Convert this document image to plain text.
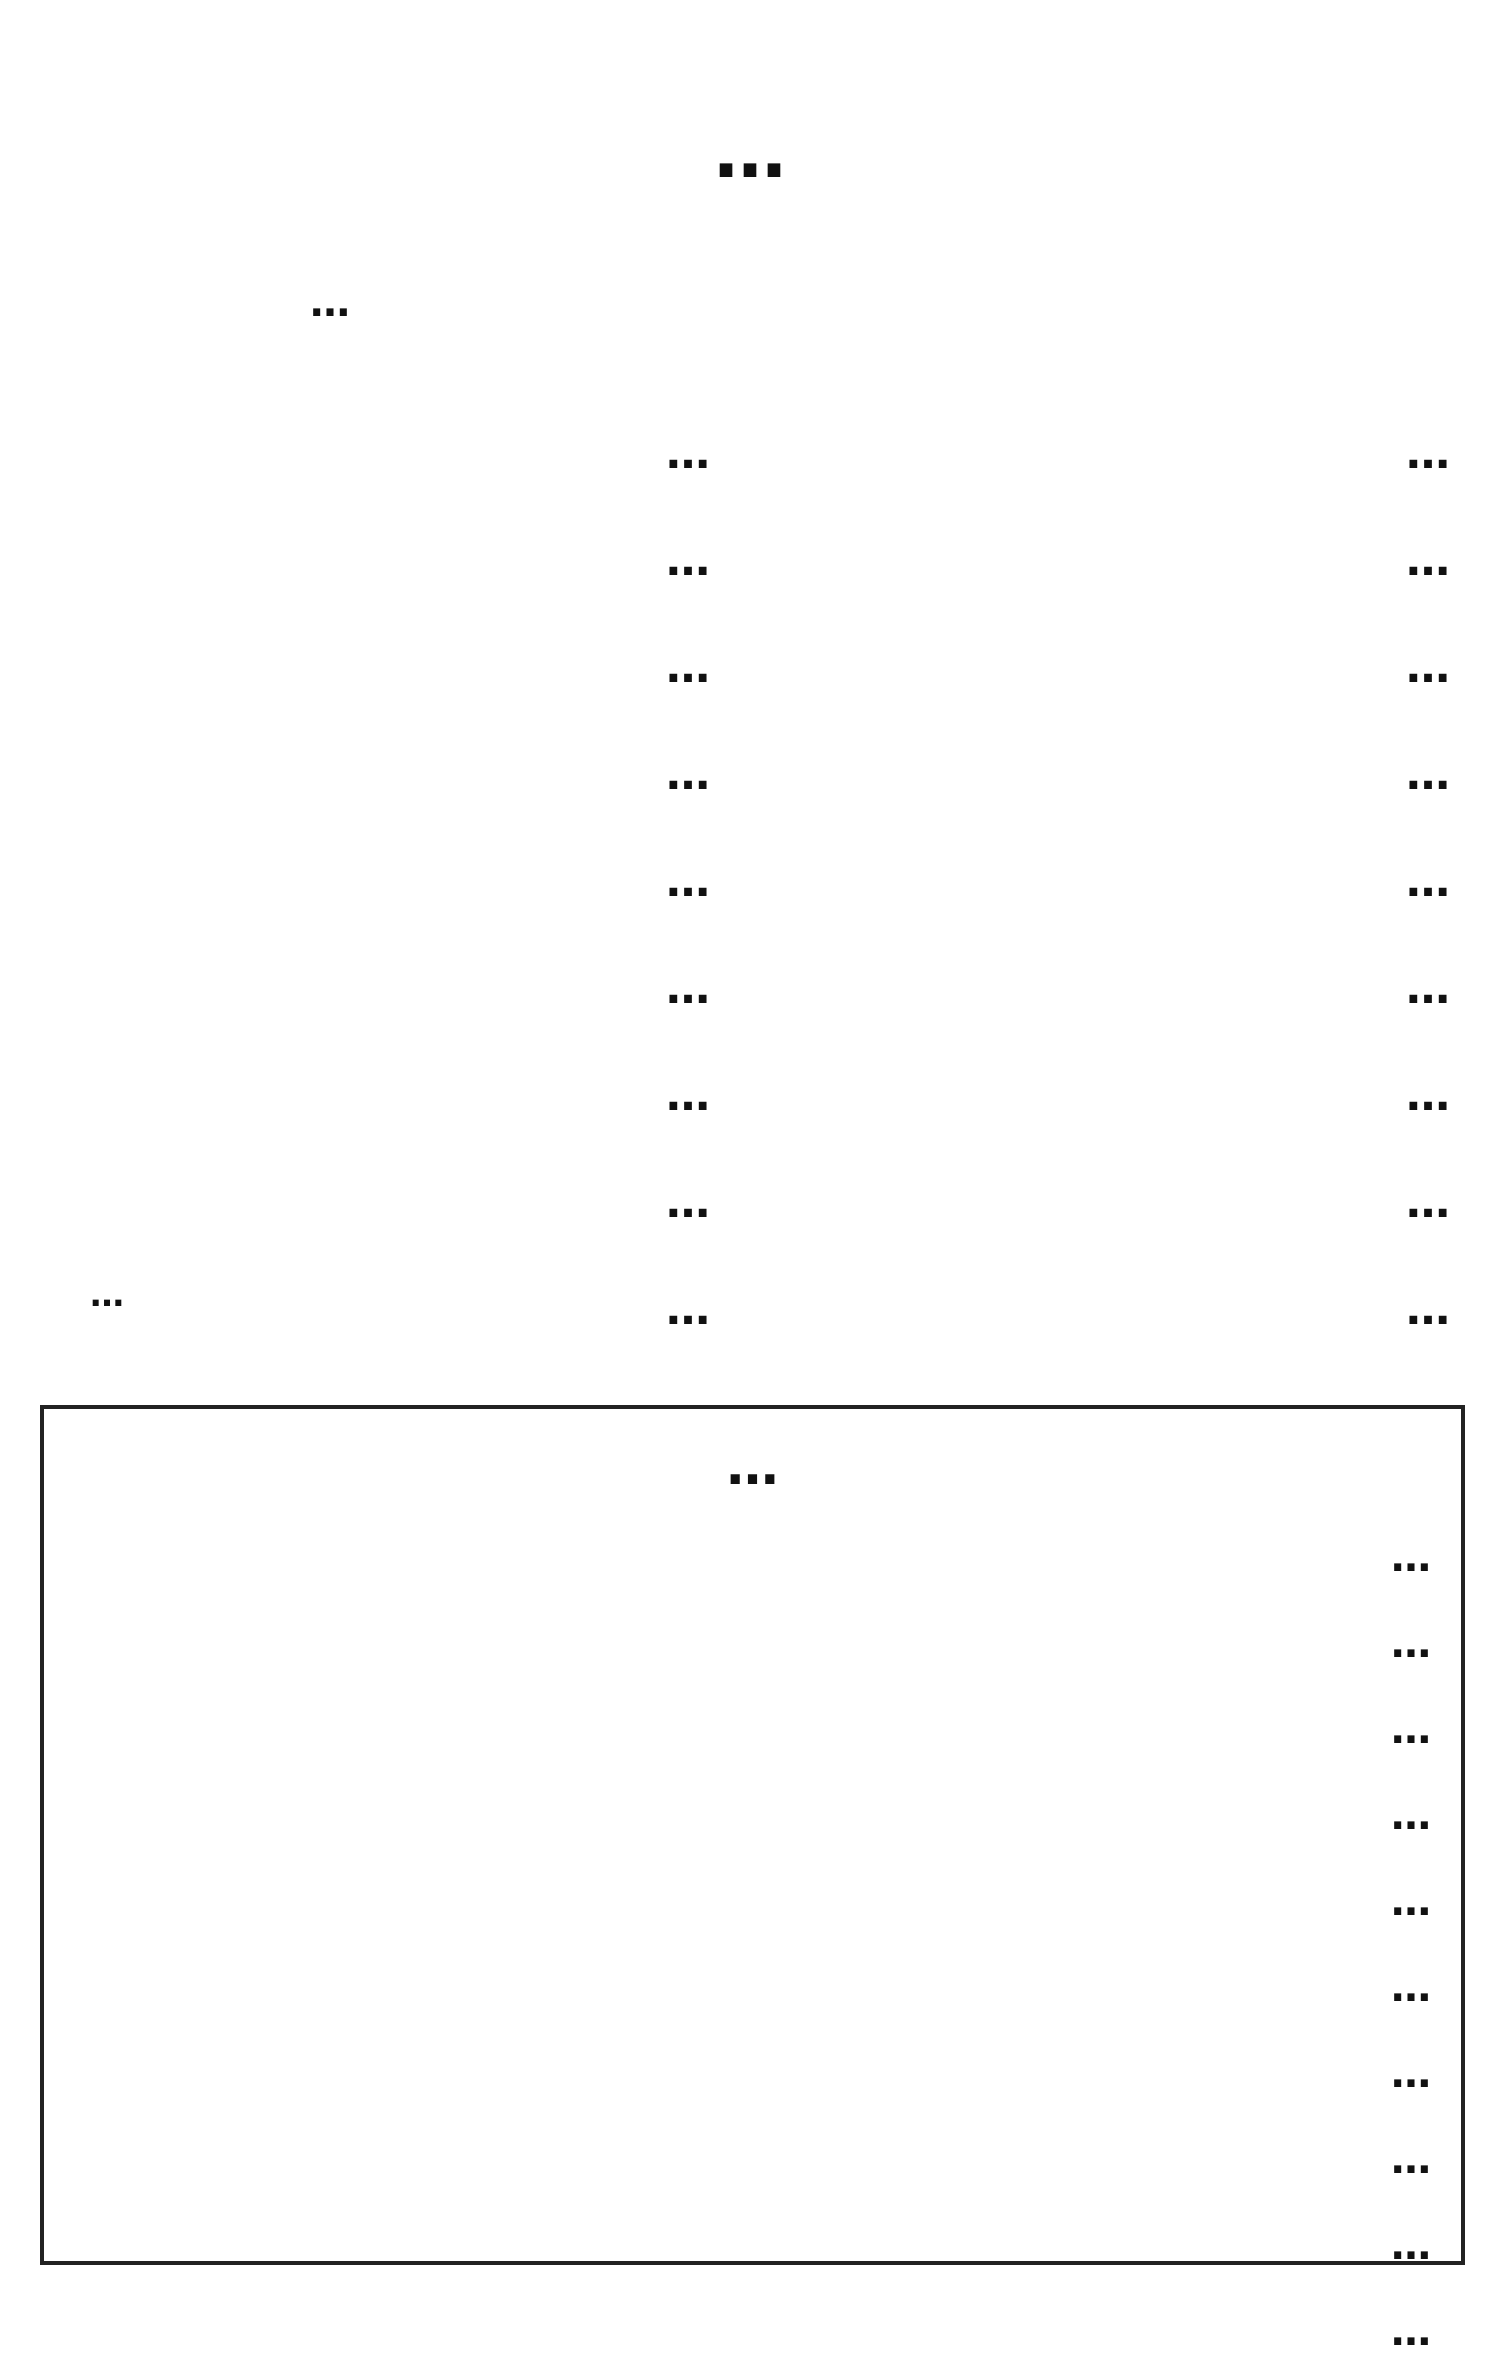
…
…
…
…
…
…
…
…
…
…
…
…
…
…
…
…
…
…
…
…
…
…
…
…
…
…
…
…
…
…
…
…
